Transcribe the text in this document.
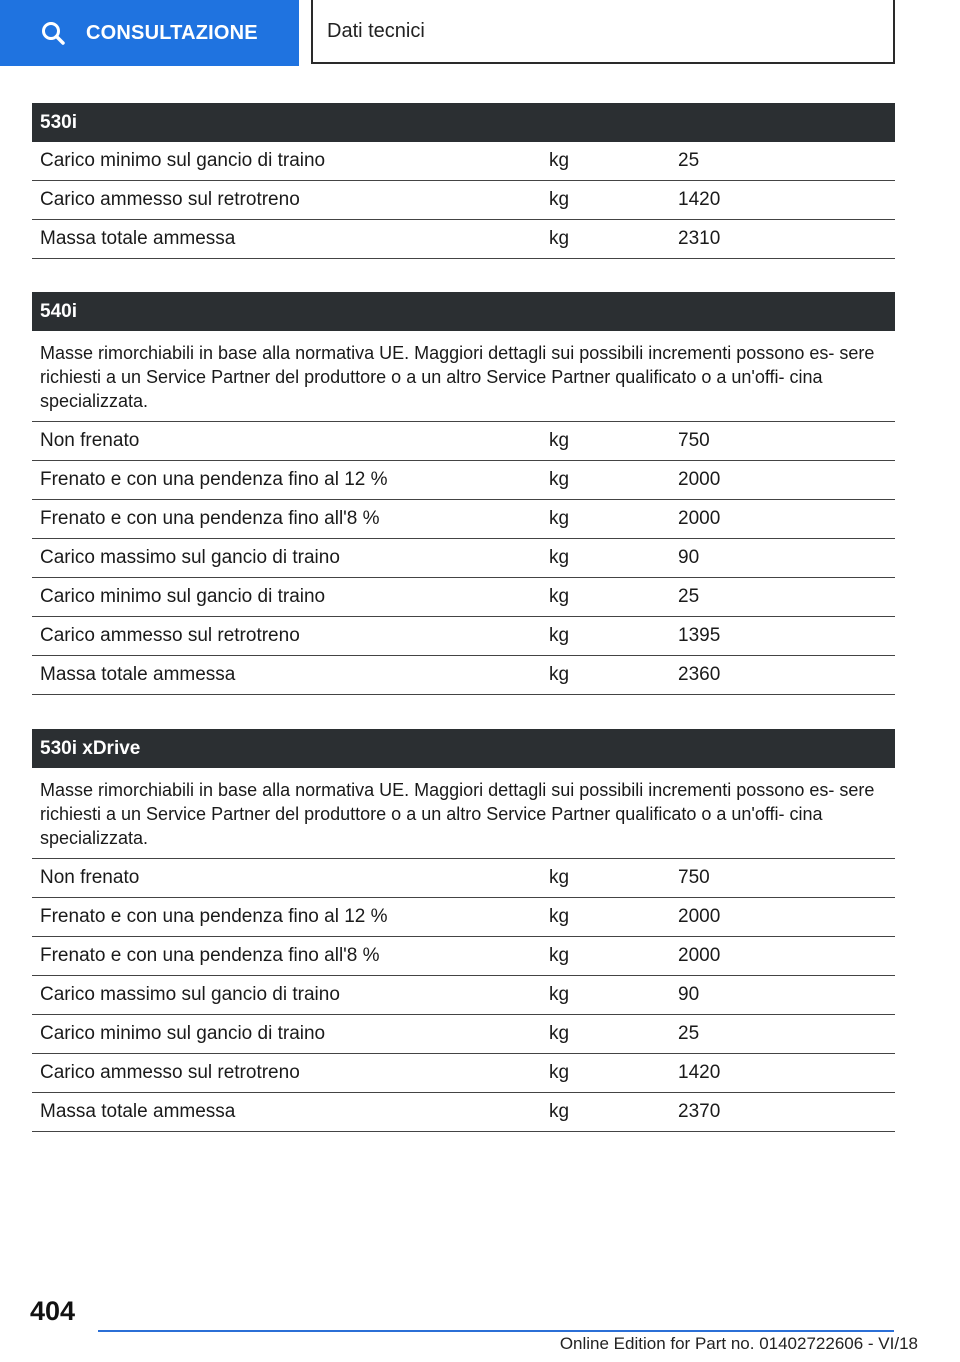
CONSULTAZIONE	Dati tecnici
530i
Carico minimo sul gancio di traino	kg	25
Carico ammesso sul retrotreno	kg	1420
Massa totale ammessa	kg	2310
540i
Masse rimorchiabili in base alla normativa UE. Maggiori dettagli sui possibili incrementi possono es- sere richiesti a un Service Partner del produttore o a un altro Service Partner qualificato o a un'offi- cina specializzata.
Non frenato	kg	750
Frenato e con una pendenza fino al 12 %	kg	2000
Frenato e con una pendenza fino all'8 %	kg	2000
Carico massimo sul gancio di traino	kg	90
Carico minimo sul gancio di traino	kg	25
Carico ammesso sul retrotreno	kg	1395
Massa totale ammessa	kg	2360
530i xDrive
Masse rimorchiabili in base alla normativa UE. Maggiori dettagli sui possibili incrementi possono es- sere richiesti a un Service Partner del produttore o a un altro Service Partner qualificato o a un'offi- cina specializzata.
Non frenato	kg	750
Frenato e con una pendenza fino al 12 %	kg	2000
Frenato e con una pendenza fino all'8 %	kg	2000
Carico massimo sul gancio di traino	kg	90
Carico minimo sul gancio di traino	kg	25
Carico ammesso sul retrotreno	kg	1420
Massa totale ammessa	kg	2370
404
Online Edition for Part no. 01402722606 - VI/18
